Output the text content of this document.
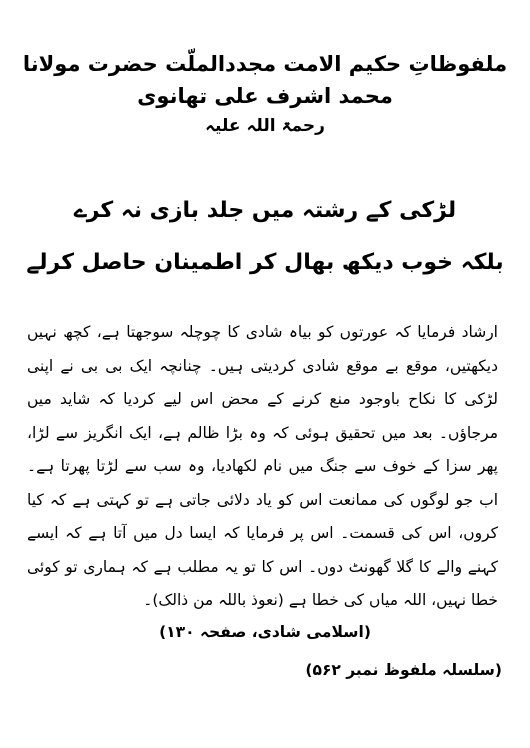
ملفوظاتِ حکیم الامت مجددالملّت حضرت مولانا محمد اشرف علی تھانوی
رحمۃ اللہ علیہ
لڑکی کے رشتہ میں جلد بازی نہ کرے
بلکہ خوب دیکھ بھال کر اطمینان حاصل کرلے
ارشاد فرمایا کہ عورتوں کو بیاہ شادی کا چوچلہ سوجھتا ہے، کچھ نہیں دیکھتیں، موقع بے موقع شادی کردیتی ہیں۔ چنانچہ ایک بی بی نے اپنی لڑکی کا نکاح باوجود منع کرنے کے محض اس لیے کردیا کہ شاید میں مرجاؤں۔ بعد میں تحقیق ہوئی کہ وہ بڑا ظالم ہے، ایک انگریز سے لڑا، پھر سزا کے خوف سے جنگ میں نام لکھادیا، وہ سب سے لڑتا پھرتا ہے۔ اب جو لوگوں کی ممانعت اس کو یاد دلائی جاتی ہے تو کہتی ہے کہ کیا کروں، اس کی قسمت۔ اس پر فرمایا کہ ایسا دل میں آتا ہے کہ ایسے کہنے والے کا گلا گھونٹ دوں۔ اس کا تو یہ مطلب ہے کہ ہماری تو کوئی خطا نہیں، اللہ میاں کی خطا ہے (نعوذ باللہ من ذالک)۔
(اسلامی شادی، صفحہ ۱۳۰)
(سلسلہ ملفوظ نمبر ۵۶۲)
